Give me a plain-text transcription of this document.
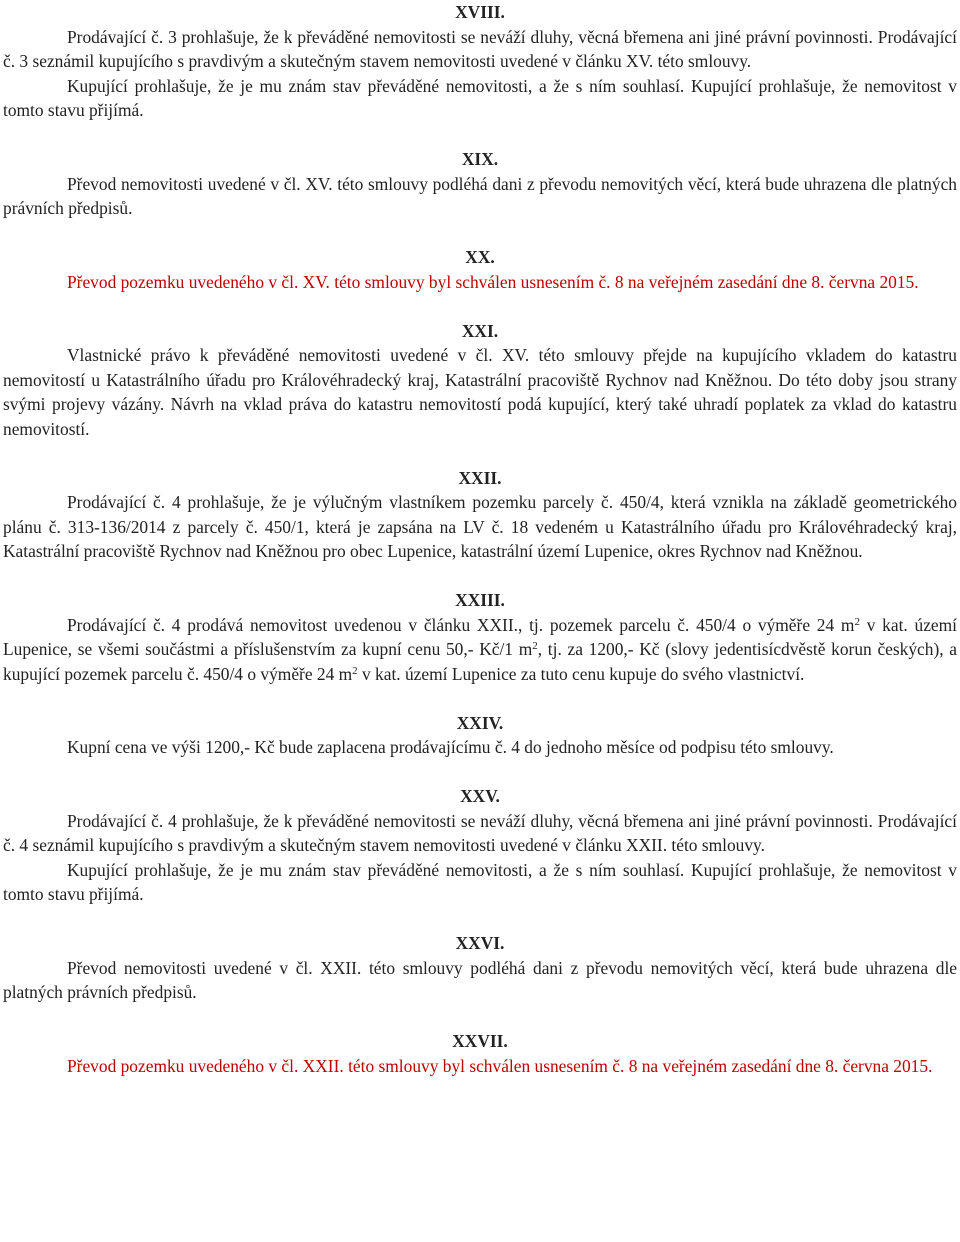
XVIII.

Prodávající č. 3 prohlašuje, že k převáděné nemovitosti se neváží dluhy, věcná břemena ani jiné právní povinnosti. Prodávající č. 3 seznámil kupujícího s pravdivým a skutečným stavem nemovitosti uvedené v článku XV. této smlouvy.

Kupující prohlašuje, že je mu znám stav převáděné nemovitosti, a že s ním souhlasí. Kupující prohlašuje, že nemovitost v tomto stavu přijímá.

XIX.

Převod nemovitosti uvedené v čl. XV. této smlouvy podléhá dani z převodu nemovitých věcí, která bude uhrazena dle platných právních předpisů.

XX.

Převod pozemku uvedeného v čl. XV. této smlouvy byl schválen usnesením č. 8 na veřejném zasedání dne 8. června 2015.

XXI.

Vlastnické právo k převáděné nemovitosti uvedené v čl. XV. této smlouvy přejde na kupujícího vkladem do katastru nemovitostí u Katastrálního úřadu pro Královéhradecký kraj, Katastrální pracoviště Rychnov nad Kněžnou. Do této doby jsou strany svými projevy vázány. Návrh na vklad práva do katastru nemovitostí podá kupující, který také uhradí poplatek za vklad do katastru nemovitostí.

XXII.

Prodávající č. 4 prohlašuje, že je výlučným vlastníkem pozemku parcely č. 450/4, která vznikla na základě geometrického plánu č. 313-136/2014 z parcely č. 450/1, která je zapsána na LV č. 18 vedeném u Katastrálního úřadu pro Královéhradecký kraj, Katastrální pracoviště Rychnov nad Kněžnou pro obec Lupenice, katastrální území Lupenice, okres Rychnov nad Kněžnou.

XXIII.

Prodávající č. 4 prodává nemovitost uvedenou v článku XXII., tj. pozemek parcelu č. 450/4 o výměře 24 $m^2$ v kat. území Lupenice, se všemi součástmi a příslušenstvím za kupní cenu 50,- Kč/1 $m^2$, tj. za 1200,- Kč (slovy jedentisícdvěstě korun českých), a kupující pozemek parcelu č. 450/4 o výměře 24 $m^2$ v kat. území Lupenice za tuto cenu kupuje do svého vlastnictví.

XXIV.

Kupní cena ve výši 1200,- Kč bude zaplacena prodávajícímu č. 4 do jednoho měsíce od podpisu této smlouvy.

XXV.

Prodávající č. 4 prohlašuje, že k převáděné nemovitosti se neváží dluhy, věcná břemena ani jiné právní povinnosti. Prodávající č. 4 seznámil kupujícího s pravdivým a skutečným stavem nemovitosti uvedené v článku XXII. této smlouvy.

Kupující prohlašuje, že je mu znám stav převáděné nemovitosti, a že s ním souhlasí. Kupující prohlašuje, že nemovitost v tomto stavu přijímá.

XXVI.

Převod nemovitosti uvedené v čl. XXII. této smlouvy podléhá dani z převodu nemovitých věcí, která bude uhrazena dle platných právních předpisů.

XXVII.

Převod pozemku uvedeného v čl. XXII. této smlouvy byl schválen usnesením č. 8 na veřejném zasedání dne 8. června 2015.
